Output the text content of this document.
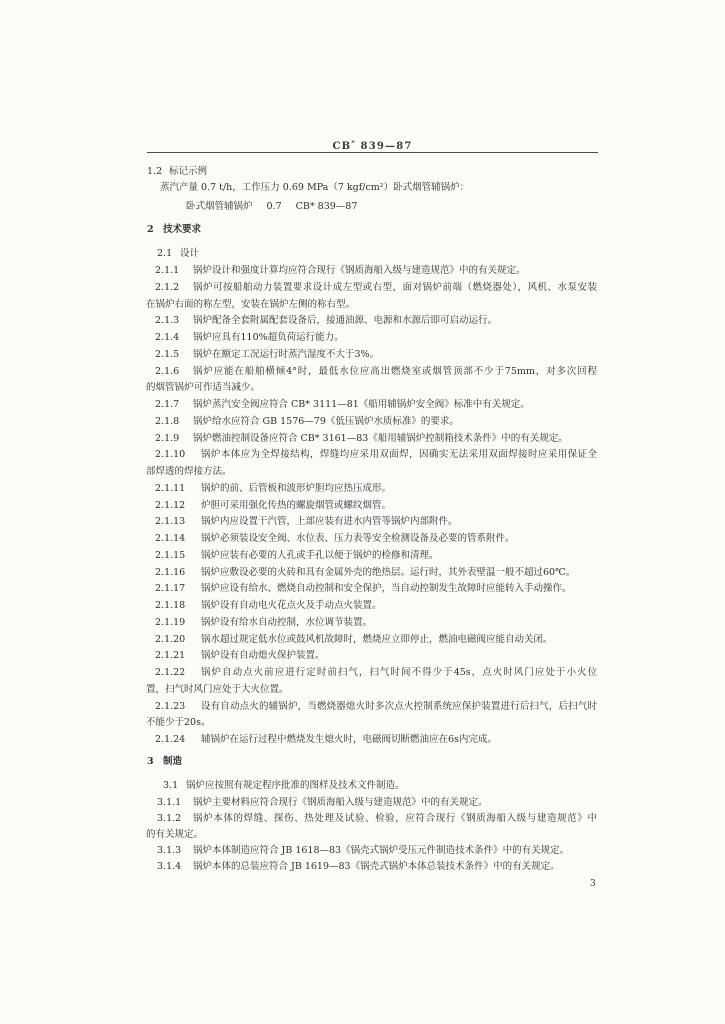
CB* 839—87
1.2 标记示例
蒸汽产量 0.7 t/h，工作压力 0.69 MPa（7 kgf/cm²）卧式烟管辅锅炉：
卧式烟管辅锅炉 0.7 CB* 839—87
2 技术要求
2.1 设计
2.1.1 锅炉设计和强度计算均应符合现行《钢质海船入级与建造规范》中的有关规定。
2.1.2	锅炉可按船舶动力装置要求设计成左型或右型，面对锅炉前端（燃烧器处），风机、水泵安装
在锅炉右面的称左型，安装在锅炉左侧的称右型。
2.1.3 锅炉配备全套附属配套设备后，接通油源、电源和水源后即可启动运行。
2.1.4 锅炉应具有110%超负荷运行能力。
2.1.5 锅炉在额定工况运行时蒸汽湿度不大于3%。
2.1.6	锅炉应能在船舶横倾4°时，最低水位应高出燃烧室或烟管顶部不少于75mm，对多次回程
的烟管锅炉可作适当减少。
2.1.7 锅炉蒸汽安全阀应符合 CB* 3111—81《船用辅锅炉安全阀》标准中有关规定。
2.1.8 锅炉给水应符合 GB 1576—79《低压锅炉水质标准》的要求。
2.1.9 锅炉燃油控制设备应符合 CB* 3161—83《船用辅锅炉控制箱技术条件》中的有关规定。
2.1.10	锅炉本体应为全焊接结构，焊缝均应采用双面焊，因确实无法采用双面焊接时应采用保证全
部焊透的焊接方法。
2.1.11 锅炉的前、后管板和波形炉胆均应热压成形。
2.1.12 炉胆可采用强化传热的螺旋烟管或螺纹烟管。
2.1.13 锅炉内应设置干汽管，上部应装有进水内管等锅炉内部附件。
2.1.14 锅炉必须装设安全阀、水位表、压力表等安全检测设备及必要的管系附件。
2.1.15 锅炉应装有必要的人孔或手孔以便于锅炉的检修和清理。
2.1.16 锅炉应敷设必要的火砖和具有金属外壳的绝热层。运行时，其外表壁温一般不超过60℃。
2.1.17 锅炉应设有给水、燃烧自动控制和安全保护，当自动控制发生故障时应能转入手动操作。
2.1.18 锅炉设有自动电火花点火及手动点火装置。
2.1.19 锅炉设有给水自动控制，水位调节装置。
2.1.20 锅水超过规定低水位或鼓风机故障时，燃烧应立即停止，燃油电磁阀应能自动关闭。
2.1.21 锅炉设有自动熄火保护装置。
2.1.22	锅炉自动点火前应进行定时前扫气，扫气时间不得少于45s，点火时风门应处于小火位
置，扫气时风门应处于大火位置。
2.1.23	设有自动点火的辅锅炉，当燃烧器熄火时多次点火控制系统应保护装置进行后扫气，后扫气时
不能少于20s。
2.1.24 辅锅炉在运行过程中燃烧发生熄火时，电磁阀切断燃油应在6s内完成。
3 制造
3.1 锅炉应按照有规定程序批准的图样及技术文件制造。
3.1.1 锅炉主要材料应符合现行《钢质海船入级与建造规范》中的有关规定。
3.1.2	锅炉本体的焊缝、探伤、热处理及试验、检验，应符合现行《钢质海船入级与建造规范》中
的有关规定。
3.1.3 锅炉本体制造应符合 JB 1618—83《锅壳式锅炉受压元件制造技术条件》中的有关规定。
3.1.4 锅炉本体的总装应符合 JB 1619—83《锅壳式锅炉本体总装技术条件》中的有关规定。
3
